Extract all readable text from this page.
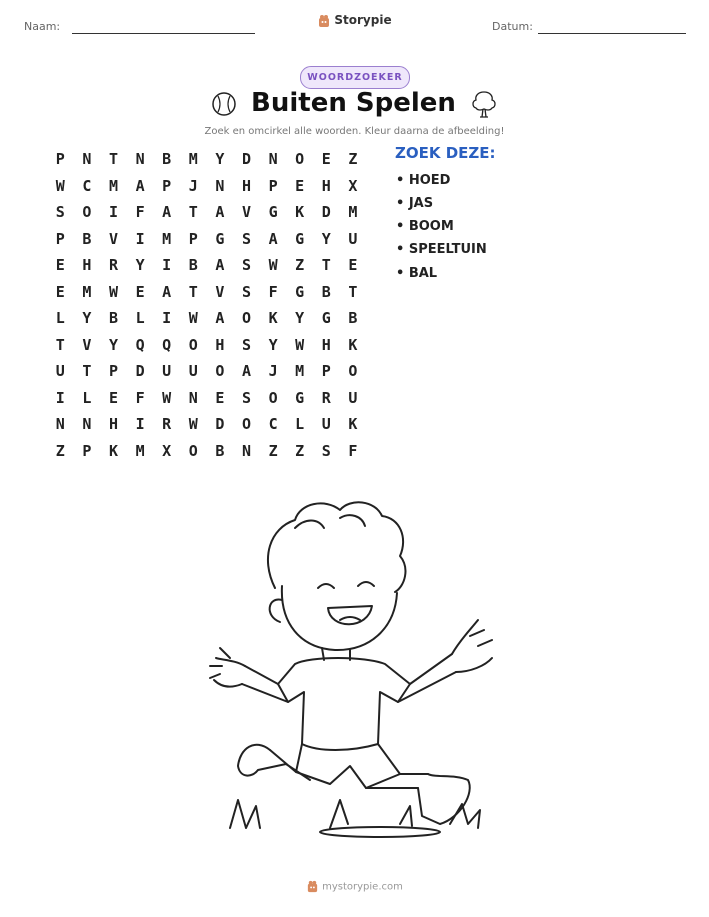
Naam:	Datum:
Storypie
WOORDZOEKER
Buiten Spelen
Zoek en omcirkel alle woorden. Kleur daarna de afbeelding!
P	N	T	N	B	M	Y	D	N	O	E	Z
W	C	M	A	P	J	N	H	P	E	H	X
S	O	I	F	A	T	A	V	G	K	D	M
P	B	V	I	M	P	G	S	A	G	Y	U
E	H	R	Y	I	B	A	S	W	Z	T	E
E	M	W	E	A	T	V	S	F	G	B	T
L	Y	B	L	I	W	A	O	K	Y	G	B
T	V	Y	Q	Q	O	H	S	Y	W	H	K
U	T	P	D	U	U	O	A	J	M	P	O
I	L	E	F	W	N	E	S	O	G	R	U
N	N	H	I	R	W	D	O	C	L	U	K
Z	P	K	M	X	O	B	N	Z	Z	S	F
ZOEK DEZE:
• HOED
• JAS
• BOOM
• SPEELTUIN
• BAL
mystorypie.com
